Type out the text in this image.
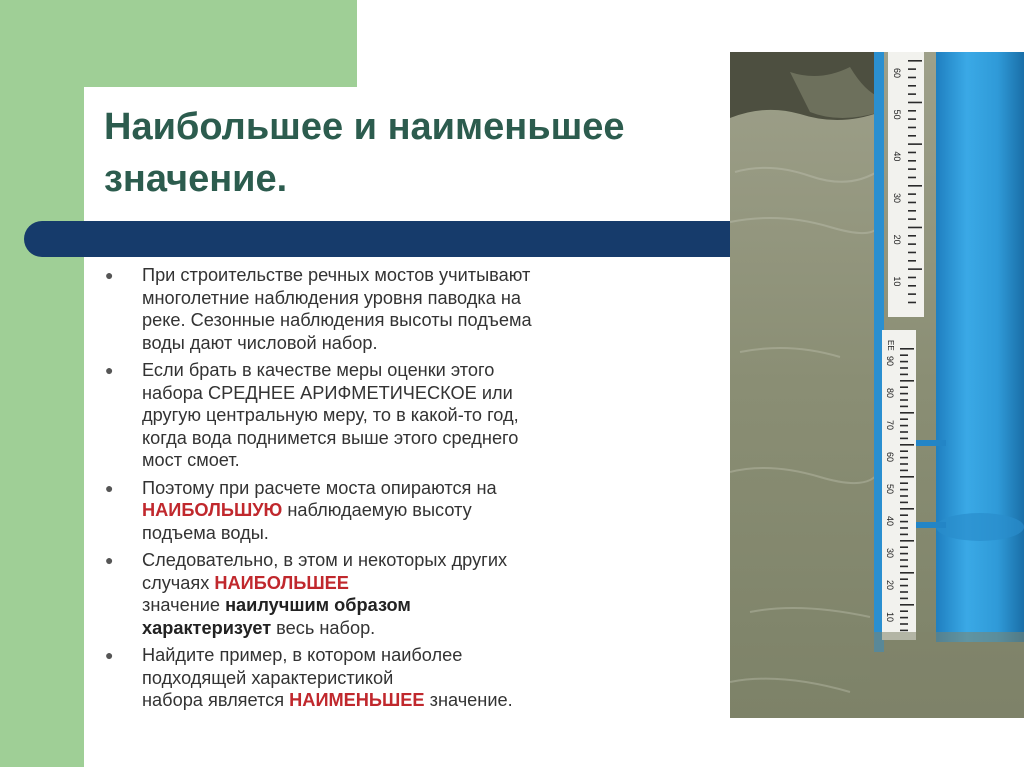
Наибольшее и наименьшее
значение.
● При строительстве речных мостов учитывают
многолетние наблюдения уровня паводка на
реке. Сезонные наблюдения высоты подъема
воды дают числовой набор.
● Если брать в качестве меры оценки этого
набора СРЕДНЕЕ АРИФМЕТИЧЕСКОЕ или
другую центральную меру, то в какой-то год,
когда вода поднимется выше этого среднего
мост смоет.
● Поэтому при расчете моста опираются на
НАИБОЛЬШУЮ наблюдаемую высоту
подъема воды.
● Следовательно, в этом и некоторых других
случаях НАИБОЛЬШЕЕ
значение наилучшим образом
характеризует весь набор.
● Найдите пример, в котором наиболее
подходящей характеристикой
набора является НАИМЕНЬШЕЕ значение.
60
50
40
30
20
10
90
80
70
60
50
40
30
20
10
EE
